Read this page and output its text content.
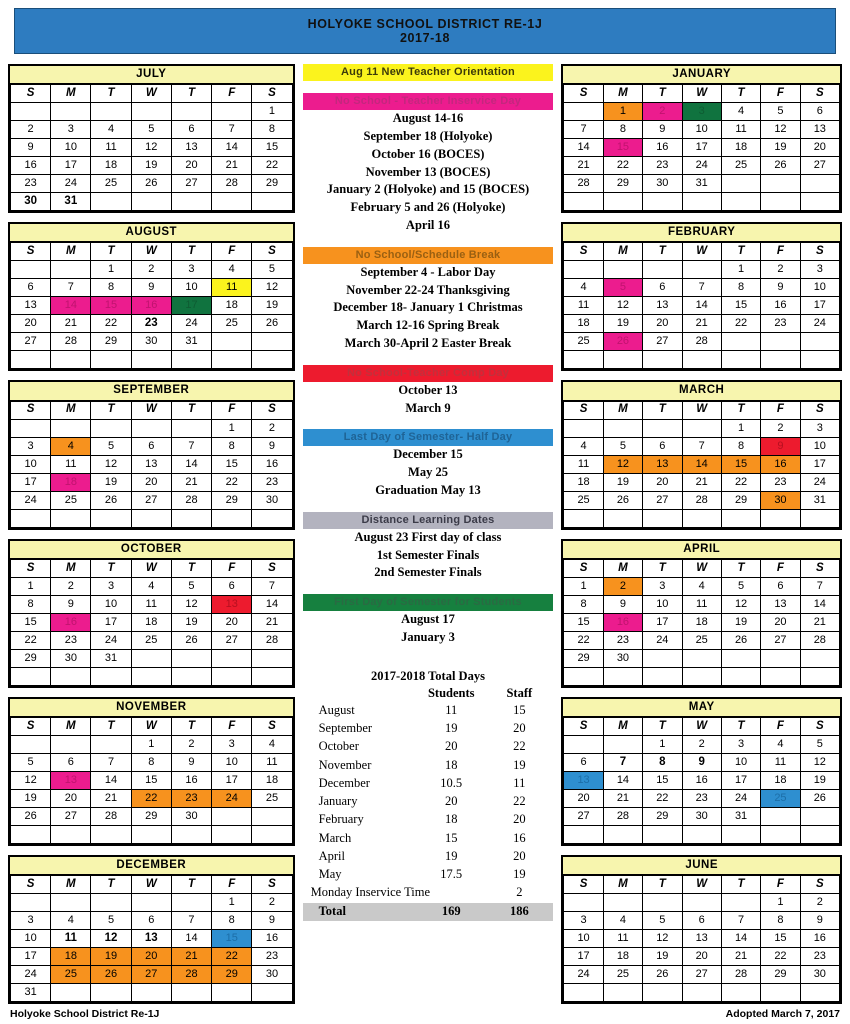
HOLYOKE SCHOOL DISTRICT RE-1J
2017-18
JULY
S	M	T	W	T	F	S
						1
2	3	4	5	6	7	8
9	10	11	12	13	14	15
16	17	18	19	20	21	22
23	24	25	26	27	28	29
30	31					
AUGUST
S	M	T	W	T	F	S
		1	2	3	4	5
6	7	8	9	10	11	12
13	14	15	16	17	18	19
20	21	22	23	24	25	26
27	28	29	30	31		

SEPTEMBER
S	M	T	W	T	F	S
					1	2
3	4	5	6	7	8	9
10	11	12	13	14	15	16
17	18	19	20	21	22	23
24	25	26	27	28	29	30

OCTOBER
S	M	T	W	T	F	S
1	2	3	4	5	6	7
8	9	10	11	12	13	14
15	16	17	18	19	20	21
22	23	24	25	26	27	28
29	30	31				

NOVEMBER
S	M	T	W	T	F	S
			1	2	3	4
5	6	7	8	9	10	11
12	13	14	15	16	17	18
19	20	21	22	23	24	25
26	27	28	29	30		

DECEMBER
S	M	T	W	T	F	S
					1	2
3	4	5	6	7	8	9
10	11	12	13	14	15	16
17	18	19	20	21	22	23
24	25	26	27	28	29	30
31						
Aug 11 New Teacher Orientation
No School - Teacher Inservice Day
August 14-16
September 18 (Holyoke)
October 16 (BOCES)
November 13 (BOCES)
January 2 (Holyoke) and 15 (BOCES)
February 5 and 26 (Holyoke)
April 16
No School/Schedule Break
September 4 - Labor Day
November 22-24 Thanksgiving
December 18- January 1 Christmas
March 12-16 Spring Break
March 30-April 2 Easter Break
No School-Teacher Comp Day
October 13
March 9
Last Day of Semester- Half Day
December 15
May 25
Graduation May 13
Distance Learning Dates
August 23 First day of class
1st Semester Finals
2nd Semester Finals
First Day of Semester for Students
August 17
January 3
2017-2018 Total Days
	Students	Staff
August	11	15
September	19	20
October	20	22
November	18	19
December	10.5	11
January	20	22
February	18	20
March	15	16
April	19	20
May	17.5	19
Monday Inservice Time		2
Total	169	186
JANUARY
S	M	T	W	T	F	S
	1	2	3	4	5	6
7	8	9	10	11	12	13
14	15	16	17	18	19	20
21	22	23	24	25	26	27
28	29	30	31			

FEBRUARY
S	M	T	W	T	F	S
				1	2	3
4	5	6	7	8	9	10
11	12	13	14	15	16	17
18	19	20	21	22	23	24
25	26	27	28			

MARCH
S	M	T	W	T	F	S
				1	2	3
4	5	6	7	8	9	10
11	12	13	14	15	16	17
18	19	20	21	22	23	24
25	26	27	28	29	30	31

APRIL
S	M	T	W	T	F	S
1	2	3	4	5	6	7
8	9	10	11	12	13	14
15	16	17	18	19	20	21
22	23	24	25	26	27	28
29	30					

MAY
S	M	T	W	T	F	S
		1	2	3	4	5
6	7	8	9	10	11	12
13	14	15	16	17	18	19
20	21	22	23	24	25	26
27	28	29	30	31		

JUNE
S	M	T	W	T	F	S
					1	2
3	4	5	6	7	8	9
10	11	12	13	14	15	16
17	18	19	20	21	22	23
24	25	26	27	28	29	30

Holyoke School District Re-1J	Adopted March 7, 2017
